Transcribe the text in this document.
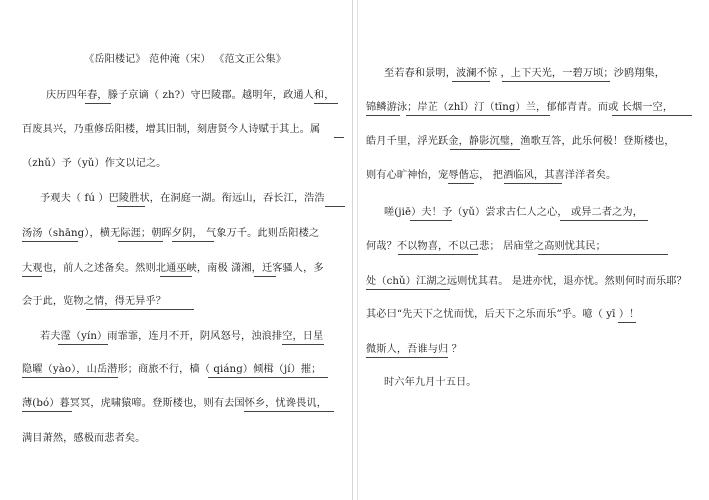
《岳阳楼记》 范仲淹（宋） 《范文正公集》
庆历四年春，滕子京谪（ zh?）守巴陵郡。越明年，政通人和，
百废具兴，乃重修岳阳楼，增其旧制，刻唐贤今人诗赋于其上。属
（zhǔ）予（yǔ）作文以记之。
予观夫（ fú ）巴陵胜状，在洞庭一湖。衔远山，吞长江，浩浩
汤汤（shāng），横无际涯；朝晖夕阴， 气象万千。此则岳阳楼之
大观也，前人之述备矣。然则北通巫峡，南极 潇湘，迁客骚人，多
会于此，览物之情，得无异乎？
若夫霪（yín）雨霏霏，连月不开，阴风怒号，浊浪排空，日星
隐曜（yào），山岳潜形；商旅不行，樯（ qiáng）倾楫（jí）摧；
薄(bó）暮冥冥，虎啸猿啼。登斯楼也，则有去国怀乡，忧谗畏讥，
满目萧然，感极而悲者矣。
至若春和景明，波澜不惊 ，上下天光，一碧万顷；沙鸥翔集，
锦鳞游泳；岸芷（zhǐ）汀（tīng）兰，郁郁青青。而或 长烟一空，
皓月千里，浮光跃金，静影沉璧，渔歌互答，此乐何极！登斯楼也，
则有心旷神怡，宠辱偕忘， 把酒临风，其喜洋洋者矣。
嗟(jiē）夫！予（yǔ）尝求古仁人之心， 或异二者之为，
何哉？不以物喜，不以己悲； 居庙堂之高则忧其民；
处（chǔ）江湖之远则忧其君。 是进亦忧，退亦忧。然则何时而乐耶？
其必曰“先天下之忧而忧，后天下之乐而乐”乎。噫（ yī ）！
微斯人，吾谁与归 ？
时六年九月十五日。
